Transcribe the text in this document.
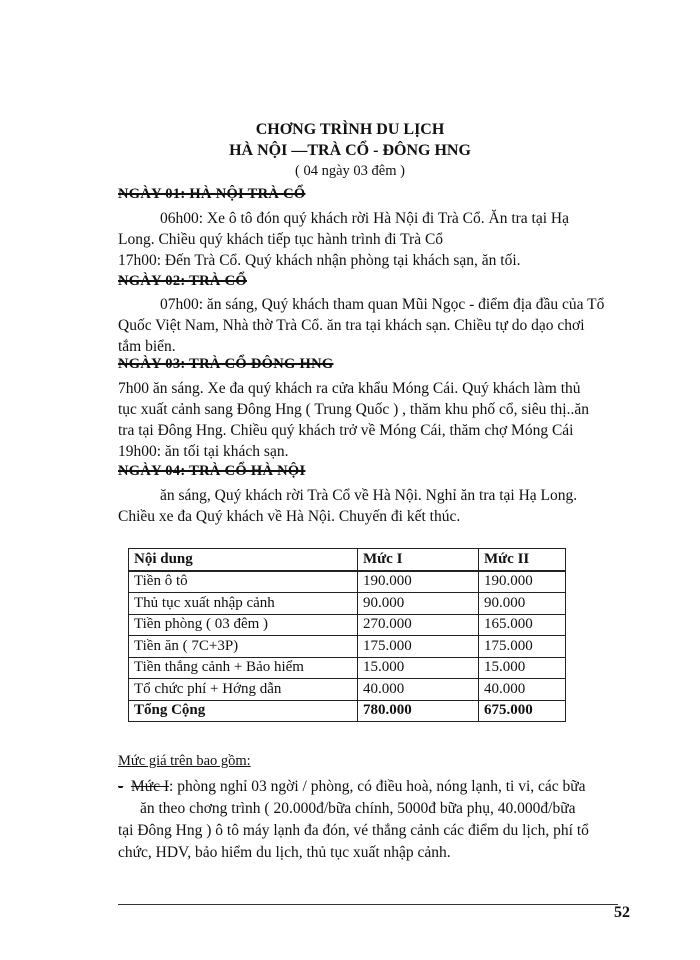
CHƠNG TRÌNH DU LỊCH
HÀ NỘI —TRÀ CỔ - ĐÔNG HNG
( 04 ngày 03 đêm )
NGÀY 01: HÀ NỘI TRÀ CỔ
06h00: Xe ô tô đón quý khách rời Hà Nội đi Trà Cổ. Ăn tra tại Hạ
Long. Chiều quý khách tiếp tục hành trình đi Trà Cổ
17h00: Đến Trà Cổ. Quý khách nhận phòng tại khách sạn, ăn tối.
NGÀY 02: TRÀ CỔ
07h00: ăn sáng, Quý khách tham quan Mũi Ngọc - điểm địa đầu của Tổ
Quốc Việt Nam, Nhà thờ Trà Cổ. ăn tra tại khách sạn. Chiều tự do dạo chơi
tắm biển.
NGÀY 03: TRÀ CỔ ĐÔNG HNG
7h00 ăn sáng. Xe đa quý khách ra cửa khẩu Móng Cái. Quý khách làm thủ
tục xuất cảnh sang Đông Hng ( Trung Quốc ) , thăm khu phố cổ, siêu thị..ăn
tra tại Đông Hng. Chiều quý khách trở về Móng Cái, thăm chợ Móng Cái
19h00: ăn tối tại khách sạn.
NGÀY 04: TRÀ CỔ HÀ NỘI
ăn sáng, Quý khách rời Trà Cổ về Hà Nội. Nghỉ ăn tra tại Hạ Long.
Chiều xe đa Quý khách về Hà Nội. Chuyến đi kết thúc.
Nội dung	Mức I	Mức II
Tiền ô tô	190.000	190.000
Thủ tục xuất nhập cảnh	90.000	90.000
Tiền phòng ( 03 đêm )	270.000	165.000
Tiền ăn ( 7C+3P)	175.000	175.000
Tiền thắng cảnh + Bảo hiểm	15.000	15.000
Tổ chức phí + Hớng dẫn	40.000	40.000
Tổng Cộng	780.000	675.000
Mức giá trên bao gồm:
- Mức I: phòng nghỉ 03 ngời / phòng, có điều hoà, nóng lạnh, ti vi, các bữa
ăn theo chơng trình ( 20.000đ/bữa chính, 5000đ bữa phụ, 40.000đ/bữa
tại Đông Hng ) ô tô máy lạnh đa đón, vé thắng cảnh các điểm du lịch, phí tổ
chức, HDV, bảo hiểm du lịch, thủ tục xuất nhập cảnh.
52
